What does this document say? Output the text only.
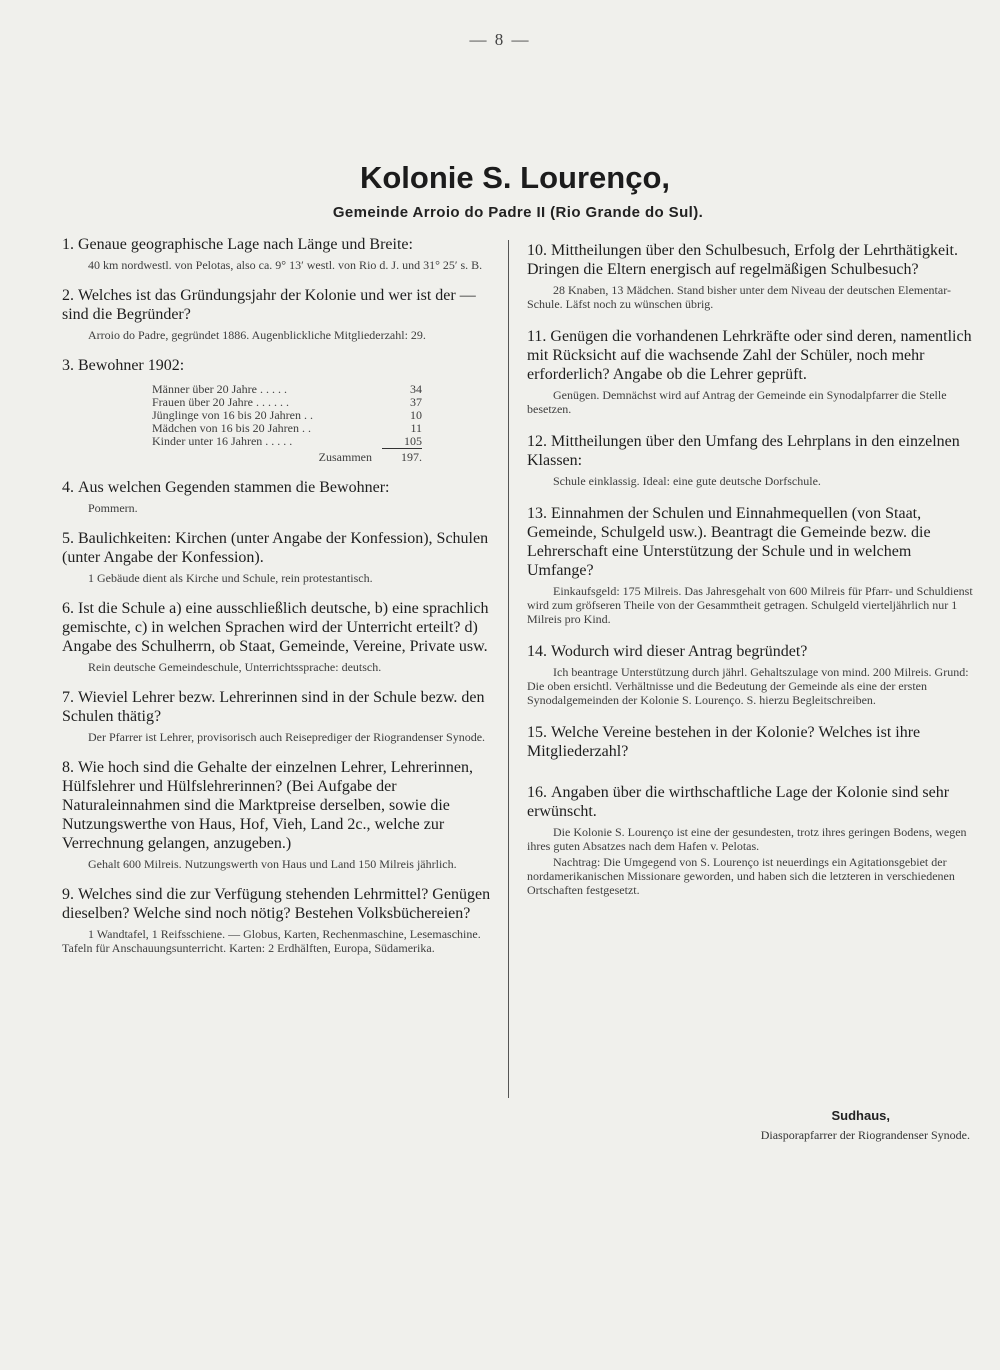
— 8 —
Kolonie S. Lourenço,
Gemeinde Arroio do Padre II (Rio Grande do Sul).
1. Genaue geographische Lage nach Länge und Breite:
40 km nordwestl. von Pelotas, also ca. 9° 13′ westl. von Rio d. J. und 31° 25′ s. B.
2. Welches ist das Gründungsjahr der Kolonie und wer ist der — sind die Begründer?
Arroio do Padre, gegründet 1886. Augenblickliche Mitgliederzahl: 29.
3. Bewohner 1902:
Männer über 20 Jahre . . . . .	34
Frauen über 20 Jahre . . . . . .	37
Jünglinge von 16 bis 20 Jahren . .	10
Mädchen von 16 bis 20 Jahren . .	11
Kinder unter 16 Jahren . . . . .	105
Zusammen	197.
4. Aus welchen Gegenden stammen die Bewohner:
Pommern.
5. Baulichkeiten: Kirchen (unter Angabe der Konfession), Schulen (unter Angabe der Konfession).
1 Gebäude dient als Kirche und Schule, rein protestantisch.
6. Ist die Schule a) eine ausschließlich deutsche, b) eine sprachlich gemischte, c) in welchen Sprachen wird der Unterricht erteilt? d) Angabe des Schulherrn, ob Staat, Gemeinde, Vereine, Private usw.
Rein deutsche Gemeindeschule, Unterrichtssprache: deutsch.
7. Wieviel Lehrer bezw. Lehrerinnen sind in der Schule bezw. den Schulen thätig?
Der Pfarrer ist Lehrer, provisorisch auch Reiseprediger der Riograndenser Synode.
8. Wie hoch sind die Gehalte der einzelnen Lehrer, Lehrerinnen, Hülfslehrer und Hülfslehrerinnen? (Bei Aufgabe der Naturaleinnahmen sind die Marktpreise derselben, sowie die Nutzungswerthe von Haus, Hof, Vieh, Land 2c., welche zur Verrechnung gelangen, anzugeben.)
Gehalt 600 Milreis. Nutzungswerth von Haus und Land 150 Milreis jährlich.
9. Welches sind die zur Verfügung stehenden Lehrmittel? Genügen dieselben? Welche sind noch nötig? Bestehen Volksbüchereien?
1 Wandtafel, 1 Reifsschiene. — Globus, Karten, Rechenmaschine, Lesemaschine. Tafeln für Anschauungsunterricht. Karten: 2 Erdhälften, Europa, Südamerika.
10. Mittheilungen über den Schulbesuch, Erfolg der Lehrthätigkeit. Dringen die Eltern energisch auf regelmäßigen Schulbesuch?
28 Knaben, 13 Mädchen. Stand bisher unter dem Niveau der deutschen Elementar-Schule. Läfst noch zu wünschen übrig.
11. Genügen die vorhandenen Lehrkräfte oder sind deren, namentlich mit Rücksicht auf die wachsende Zahl der Schüler, noch mehr erforderlich? Angabe ob die Lehrer geprüft.
Genügen. Demnächst wird auf Antrag der Gemeinde ein Synodalpfarrer die Stelle besetzen.
12. Mittheilungen über den Umfang des Lehrplans in den einzelnen Klassen:
Schule einklassig. Ideal: eine gute deutsche Dorfschule.
13. Einnahmen der Schulen und Einnahmequellen (von Staat, Gemeinde, Schulgeld usw.). Beantragt die Gemeinde bezw. die Lehrerschaft eine Unterstützung der Schule und in welchem Umfange?
Einkaufsgeld: 175 Milreis. Das Jahresgehalt von 600 Milreis für Pfarr- und Schuldienst wird zum gröfseren Theile von der Gesammtheit getragen. Schulgeld vierteljährlich nur 1 Milreis pro Kind.
14. Wodurch wird dieser Antrag begründet?
Ich beantrage Unterstützung durch jährl. Gehaltszulage von mind. 200 Milreis. Grund: Die oben ersichtl. Verhältnisse und die Bedeutung der Gemeinde als eine der ersten Synodalgemeinden der Kolonie S. Lourenço. S. hierzu Begleitschreiben.
15. Welche Vereine bestehen in der Kolonie? Welches ist ihre Mitgliederzahl?
16. Angaben über die wirthschaftliche Lage der Kolonie sind sehr erwünscht.
Die Kolonie S. Lourenço ist eine der gesundesten, trotz ihres geringen Bodens, wegen ihres guten Absatzes nach dem Hafen v. Pelotas.
Nachtrag: Die Umgegend von S. Lourenço ist neuerdings ein Agitationsgebiet der nordamerikanischen Missionare geworden, und haben sich die letzteren in verschiedenen Ortschaften festgesetzt.
Sudhaus,
Diasporapfarrer der Riograndenser Synode.
